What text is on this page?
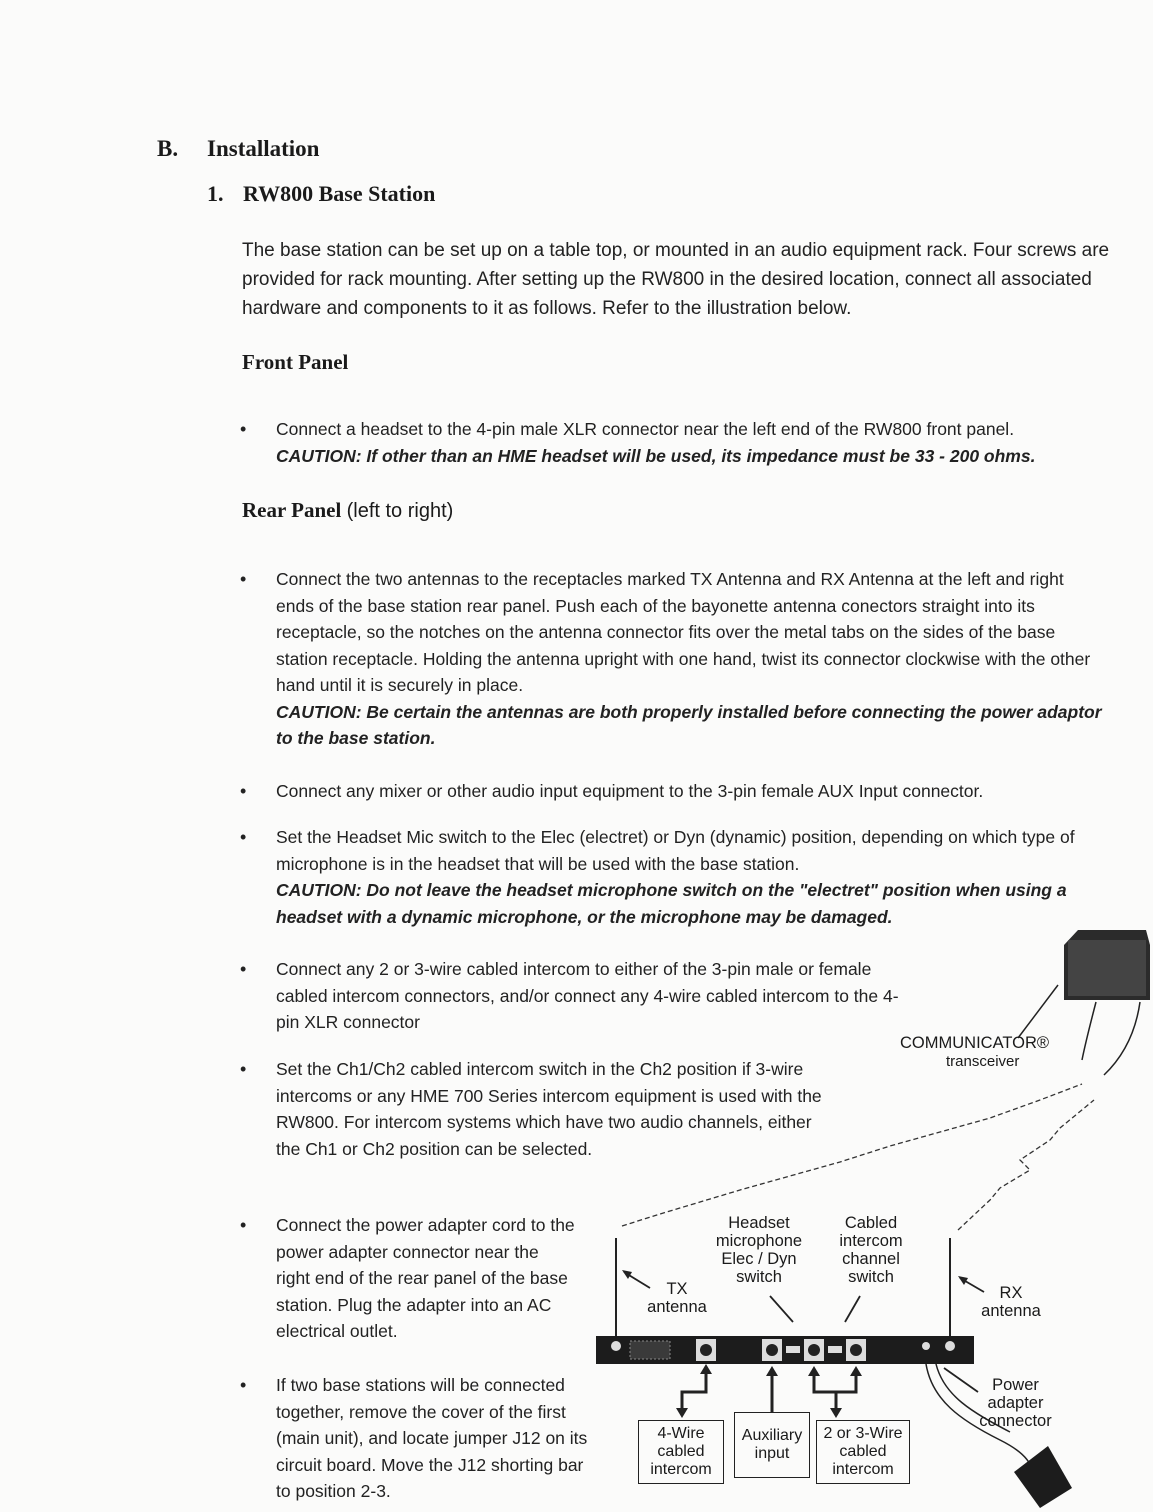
B. Installation
1. RW800 Base Station
The base station can be set up on a table top, or mounted in an audio equipment rack. Four screws are provided for rack mounting. After setting up the RW800 in the desired location, connect all associated hardware and components to it as follows. Refer to the illustration below.
Front Panel
• Connect a headset to the 4-pin male XLR connector near the left end of the RW800 front panel.
CAUTION: If other than an HME headset will be used, its impedance must be 33 - 200 ohms.
Rear Panel (left to right)
• Connect the two antennas to the receptacles marked TX Antenna and RX Antenna at the left and right ends of the base station rear panel. Push each of the bayonette antenna conectors straight into its receptacle, so the notches on the antenna connector fits over the metal tabs on the sides of the base station receptacle. Holding the antenna upright with one hand, twist its connector clockwise with the other hand until it is securely in place.
CAUTION: Be certain the antennas are both properly installed before connecting the power adaptor to the base station.
• Connect any mixer or other audio input equipment to the 3-pin female AUX Input connector.
• Set the Headset Mic switch to the Elec (electret) or Dyn (dynamic) position, depending on which type of microphone is in the headset that will be used with the base station.
CAUTION: Do not leave the headset microphone switch on the "electret" position when using a headset with a dynamic microphone, or the microphone may be damaged.
• Connect any 2 or 3-wire cabled intercom to either of the 3-pin male or female cabled intercom connectors, and/or connect any 4-wire cabled intercom to the 4-pin XLR connector
• Set the Ch1/Ch2 cabled intercom switch in the Ch2 position if 3-wire intercoms or any HME 700 Series intercom equipment is used with the RW800. For intercom systems which have two audio channels, either the Ch1 or Ch2 position can be selected.
• Connect the power adapter cord to the power adapter connector near the right end of the rear panel of the base station. Plug the adapter into an AC electrical outlet.
• If two base stations will be connected together, remove the cover of the first (main unit), and locate jumper J12 on its circuit board. Move the J12 shorting bar to position 2-3.
COMMUNICATOR®
transceiver
TX antenna
RX antenna
Headset microphone Elec / Dyn switch
Cabled intercom channel switch
Power adapter connector
4-Wire cabled intercom
Auxiliary input
2 or 3-Wire cabled intercom
